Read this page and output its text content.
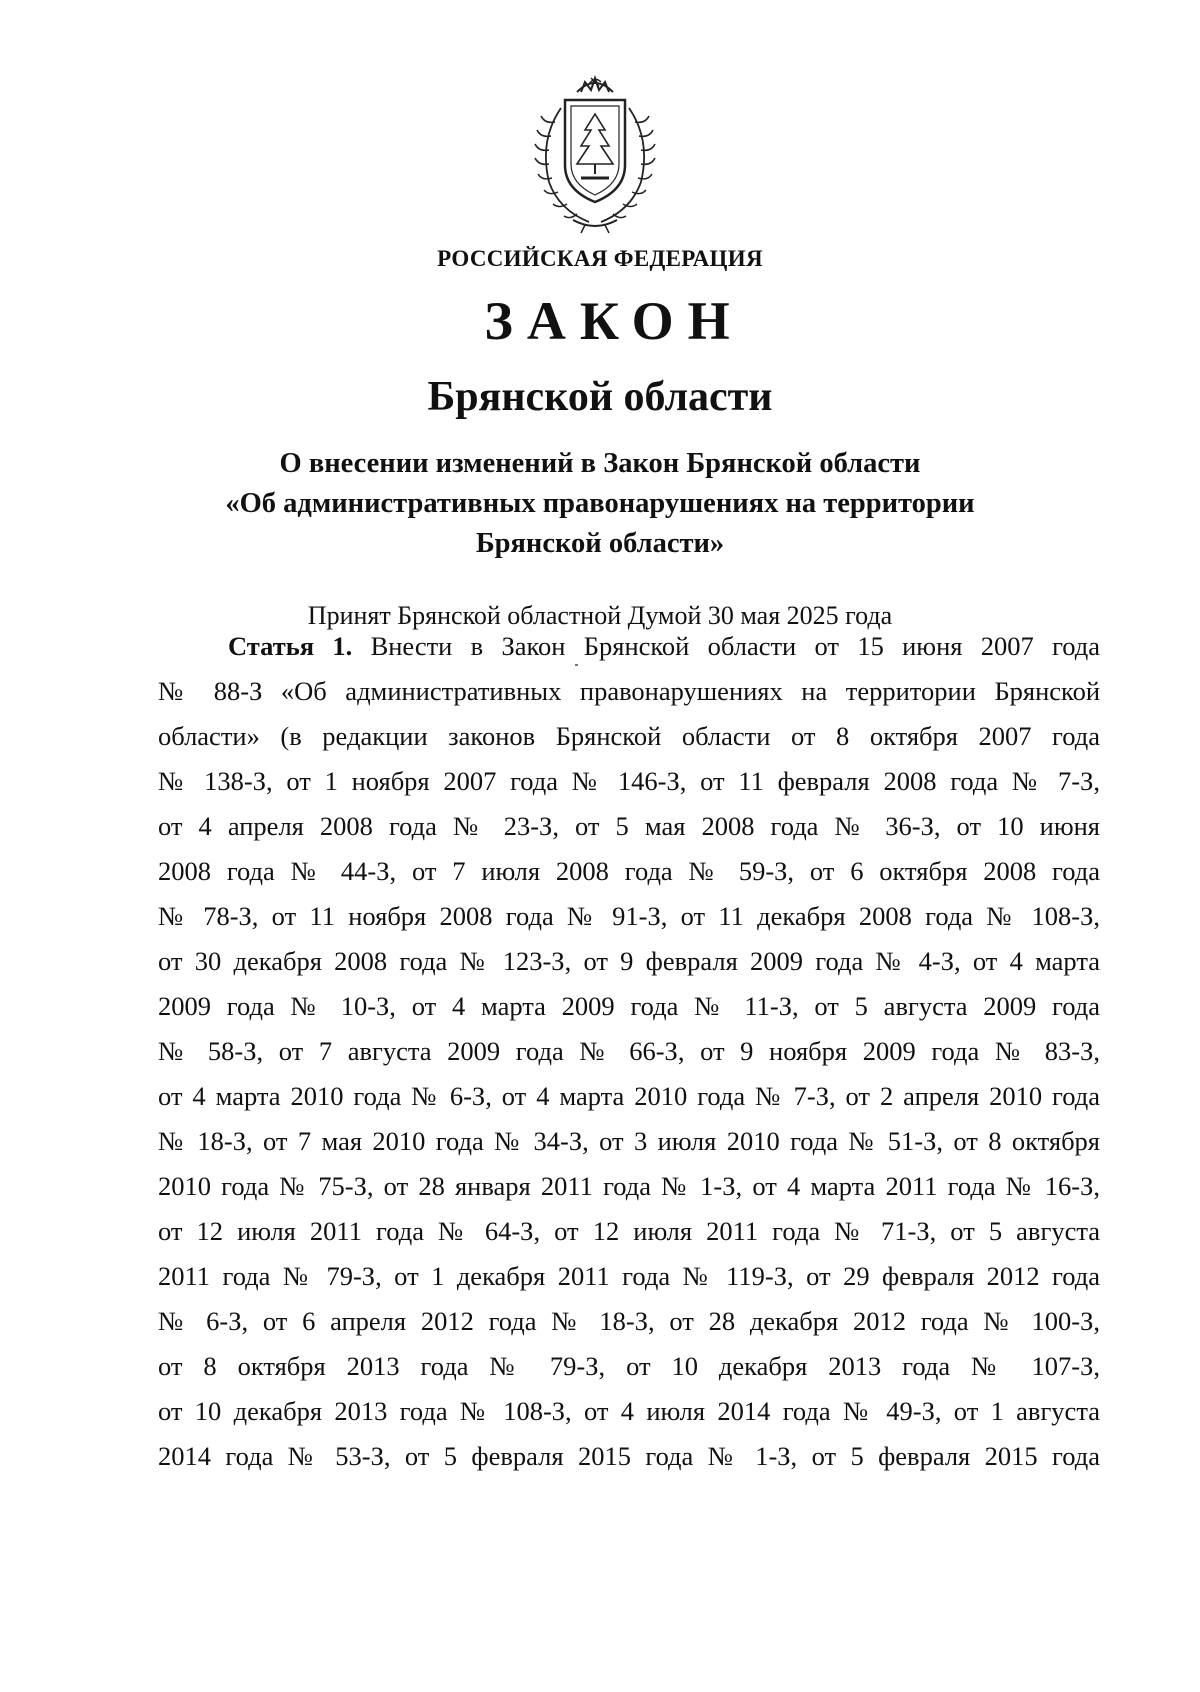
РОССИЙСКАЯ ФЕДЕРАЦИЯ
ЗАКОН
Брянской области
О внесении изменений в Закон Брянской области
«Об административных правонарушениях на территории
Брянской области»
Принят Брянской областной Думой 30 мая 2025 года
Статья 1. Внести в Закон Брянской области от 15 июня 2007 года
№ 88-З «Об административных правонарушениях на территории Брянской
области» (в редакции законов Брянской области от 8 октября 2007 года
№ 138-З, от 1 ноября 2007 года № 146-З, от 11 февраля 2008 года № 7-З,
от 4 апреля 2008 года № 23-З, от 5 мая 2008 года № 36-З, от 10 июня
2008 года № 44-З, от 7 июля 2008 года № 59-З, от 6 октября 2008 года
№ 78-З, от 11 ноября 2008 года № 91-З, от 11 декабря 2008 года № 108-З,
от 30 декабря 2008 года № 123-З, от 9 февраля 2009 года № 4-З, от 4 марта
2009 года № 10-З, от 4 марта 2009 года № 11-З, от 5 августа 2009 года
№ 58-З, от 7 августа 2009 года № 66-З, от 9 ноября 2009 года № 83-З,
от 4 марта 2010 года № 6-З, от 4 марта 2010 года № 7-З, от 2 апреля 2010 года
№ 18-З, от 7 мая 2010 года № 34-З, от 3 июля 2010 года № 51-З, от 8 октября
2010 года № 75-З, от 28 января 2011 года № 1-З, от 4 марта 2011 года № 16-З,
от 12 июля 2011 года № 64-З, от 12 июля 2011 года № 71-З, от 5 августа
2011 года № 79-З, от 1 декабря 2011 года № 119-З, от 29 февраля 2012 года
№ 6-З, от 6 апреля 2012 года № 18-З, от 28 декабря 2012 года № 100-З,
от 8 октября 2013 года № 79-З, от 10 декабря 2013 года № 107-З,
от 10 декабря 2013 года № 108-З, от 4 июля 2014 года № 49-З, от 1 августа
2014 года № 53-З, от 5 февраля 2015 года № 1-З, от 5 февраля 2015 года
